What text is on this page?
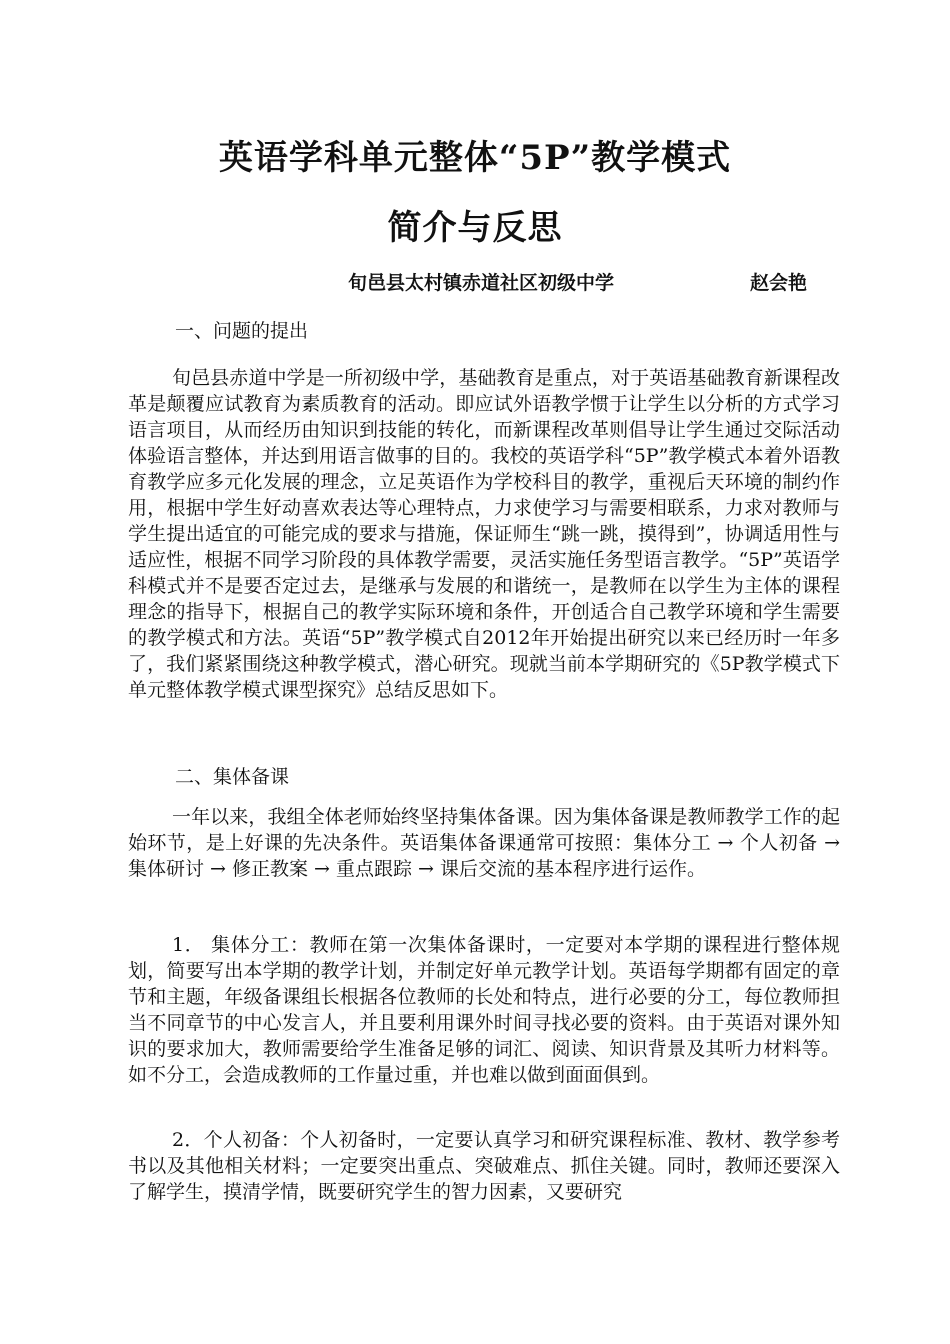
英语学科单元整体“5P”教学模式
简介与反思
旬邑县太村镇赤道社区初级中学	赵会艳
一、问题的提出
旬邑县赤道中学是一所初级中学，基础教育是重点，对于英语基础教育新课程改革是颠覆应试教育为素质教育的活动。即应试外语教学惯于让学生以分析的方式学习语言项目，从而经历由知识到技能的转化，而新课程改革则倡导让学生通过交际活动体验语言整体，并达到用语言做事的目的。我校的英语学科“5P”教学模式本着外语教育教学应多元化发展的理念，立足英语作为学校科目的教学，重视后天环境的制约作用，根据中学生好动喜欢表达等心理特点，力求使学习与需要相联系，力求对教师与学生提出适宜的可能完成的要求与措施，保证师生“跳一跳，摸得到”，协调适用性与适应性，根据不同学习阶段的具体教学需要，灵活实施任务型语言教学。“5P”英语学科模式并不是要否定过去，是继承与发展的和谐统一，是教师在以学生为主体的课程理念的指导下，根据自己的教学实际环境和条件，开创适合自己教学环境和学生需要的教学模式和方法。英语“5P”教学模式自2012年开始提出研究以来已经历时一年多了，我们紧紧围绕这种教学模式，潜心研究。现就当前本学期研究的《5P教学模式下单元整体教学模式课型探究》总结反思如下。
二、集体备课
一年以来，我组全体老师始终坚持集体备课。因为集体备课是教师教学工作的起始环节，是上好课的先决条件。英语集体备课通常可按照：集体分工 → 个人初备 → 集体研讨 → 修正教案 → 重点跟踪 → 课后交流的基本程序进行运作。
1． 集体分工：教师在第一次集体备课时，一定要对本学期的课程进行整体规划，简要写出本学期的教学计划，并制定好单元教学计划。英语每学期都有固定的章节和主题，年级备课组长根据各位教师的长处和特点，进行必要的分工，每位教师担当不同章节的中心发言人，并且要利用课外时间寻找必要的资料。由于英语对课外知识的要求加大，教师需要给学生准备足够的词汇、阅读、知识背景及其听力材料等。如不分工，会造成教师的工作量过重，并也难以做到面面俱到。
2．个人初备：个人初备时，一定要认真学习和研究课程标准、教材、教学参考书以及其他相关材料；一定要突出重点、突破难点、抓住关键。同时，教师还要深入了解学生，摸清学情，既要研究学生的智力因素，又要研究
